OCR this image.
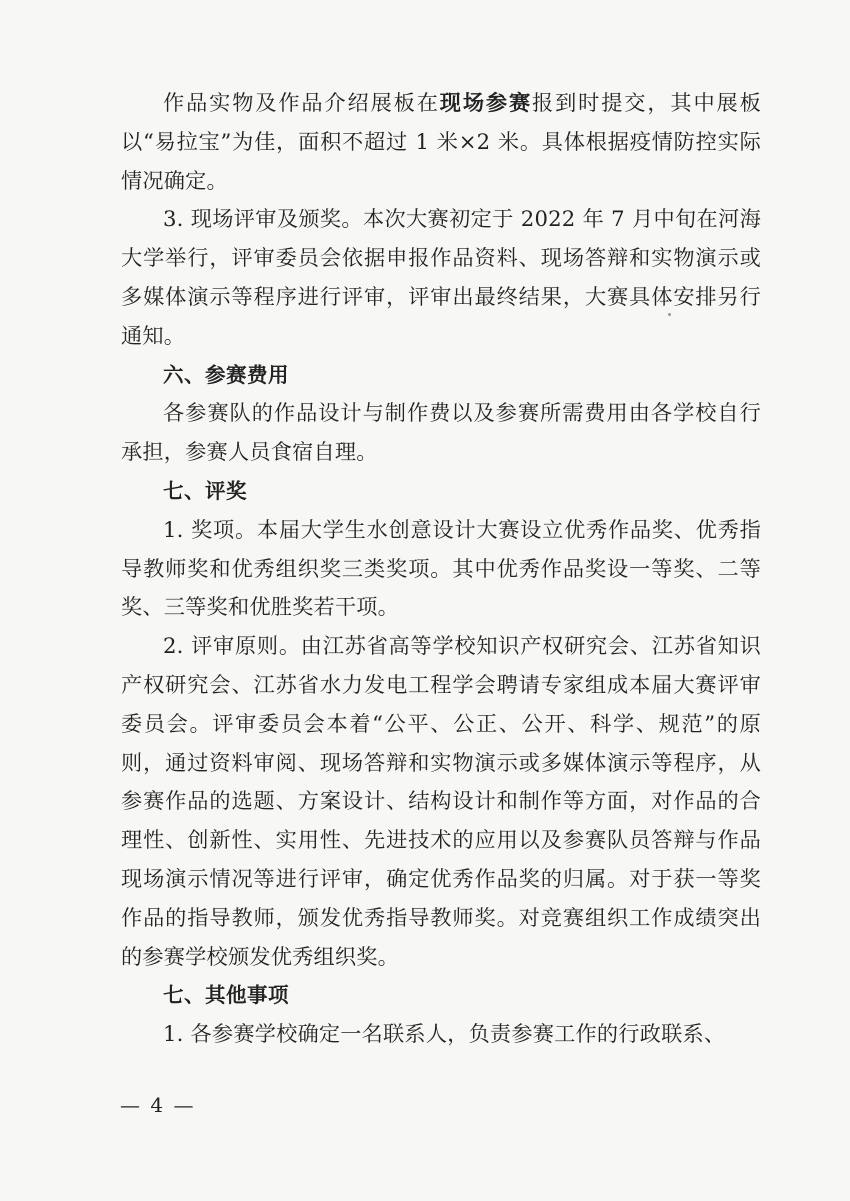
作品实物及作品介绍展板在现场参赛报到时提交，其中展板以“易拉宝”为佳，面积不超过 1 米×2 米。具体根据疫情防控实际情况确定。

3. 现场评审及颁奖。本次大赛初定于 2022 年 7 月中旬在河海大学举行，评审委员会依据申报作品资料、现场答辩和实物演示或多媒体演示等程序进行评审，评审出最终结果，大赛具体安排另行通知。

六、参赛费用

各参赛队的作品设计与制作费以及参赛所需费用由各学校自行承担，参赛人员食宿自理。

七、评奖

1. 奖项。本届大学生水创意设计大赛设立优秀作品奖、优秀指导教师奖和优秀组织奖三类奖项。其中优秀作品奖设一等奖、二等奖、三等奖和优胜奖若干项。

2. 评审原则。由江苏省高等学校知识产权研究会、江苏省知识产权研究会、江苏省水力发电工程学会聘请专家组成本届大赛评审委员会。评审委员会本着“公平、公正、公开、科学、规范”的原则，通过资料审阅、现场答辩和实物演示或多媒体演示等程序，从参赛作品的选题、方案设计、结构设计和制作等方面，对作品的合理性、创新性、实用性、先进技术的应用以及参赛队员答辩与作品现场演示情况等进行评审，确定优秀作品奖的归属。对于获一等奖作品的指导教师，颁发优秀指导教师奖。对竞赛组织工作成绩突出的参赛学校颁发优秀组织奖。

七、其他事项

1. 各参赛学校确定一名联系人，负责参赛工作的行政联系、

— 4 —
